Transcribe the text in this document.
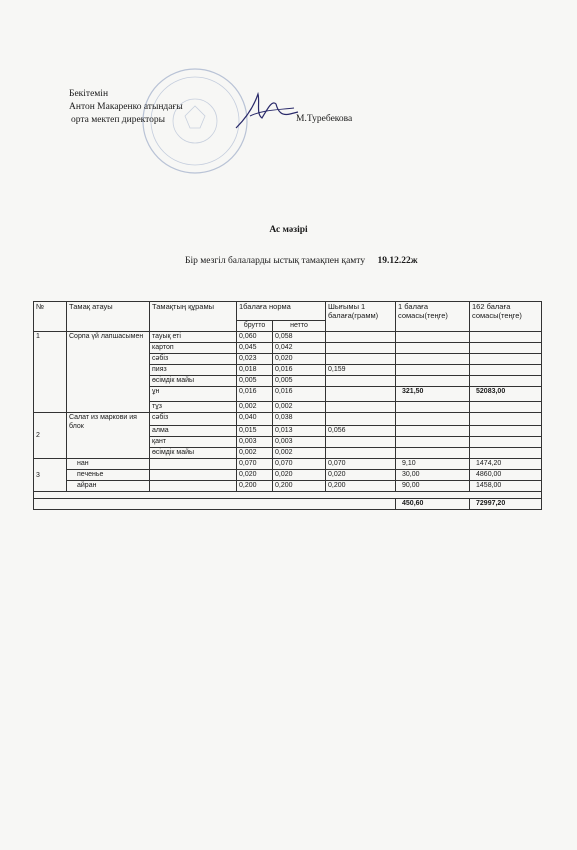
Бекітемін
Антон Макаренко атындағы
орта мектеп директоры	М.Туребекова
Ас мәзірі
Бір мезгіл балаларды ыстық тамақпен қамту 19.12.22ж
№	Тамақ атауы	Тамақтың құрамы	1балаға норма		Шығымы 1 балаға(грамм)	1 балаға сомасы(теңге)	162 балаға сомасы(теңге)
			брутто	нетто			
1	Сорпа үй лапшасымен	тауық еті	0,060	0,058			
		картоп	0,045	0,042			
		сәбіз	0,023	0,020			
		пияз	0,018	0,016	0,159		
		өсімдік майы	0,005	0,005			
		ұн	0,016	0,016		321,50	52083,00
		тұз	0,002	0,002			
2	Салат из маркови ия блок	сәбіз	0,040	0,038			
		алма	0,015	0,013	0,056		
		қант	0,003	0,003			
		өсімдік майы	0,002	0,002			
3	нан		0,070	0,070	0,070	9,10	1474,20
	печенье		0,020	0,020	0,020	30,00	4860,00
	айран		0,200	0,200	0,200	90,00	1458,00

						450,60	72997,20
